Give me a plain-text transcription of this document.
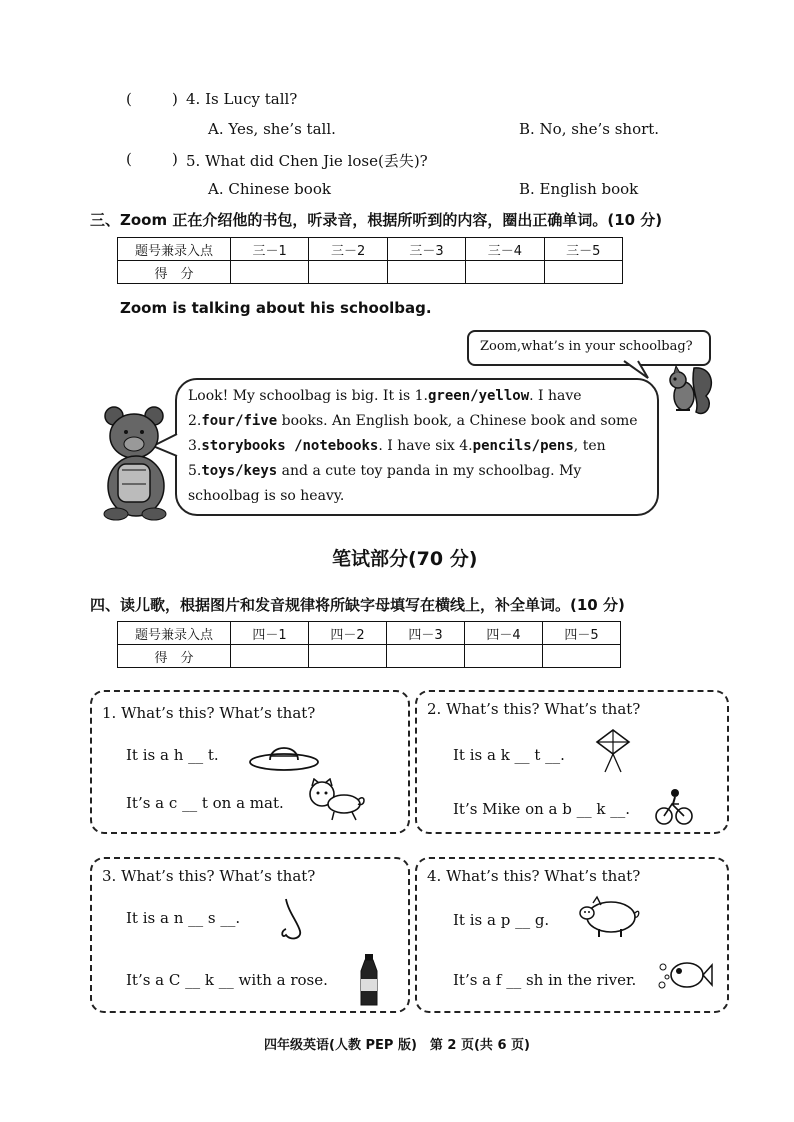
(	) 4. Is Lucy tall?
A. Yes, she’s tall.	B. No, she’s short.
(	) 5. What did Chen Jie lose(丢失)?
A. Chinese book	B. English book
三、Zoom 正在介绍他的书包，听录音，根据所听到的内容，圈出正确单词。(10 分)
题号兼录入点	三－1	三－2	三－3	三－4	三－5
得　分					
Zoom is talking about his schoolbag.
Zoom,what’s in your schoolbag?
Look! My schoolbag is big. It is 1.green/yellow. I have 2.four/five books. An English book, a Chinese book and some 3.storybooks /notebooks. I have six 4.pencils/pens, ten 5.toys/keys and a cute toy panda in my schoolbag. My schoolbag is so heavy.
笔试部分(70 分)
四、读儿歌，根据图片和发音规律将所缺字母填写在横线上，补全单词。(10 分)
题号兼录入点	四－1	四－2	四－3	四－4	四－5
得　分					
1. What’s this? What’s that?
It is a h __ t.
It’s a c __ t on a mat.
2. What’s this? What’s that?
It is a k __ t __.
It’s Mike on a b __ k __.
3. What’s this? What’s that?
It is a n __ s __.
It’s a C __ k __ with a rose.
4. What’s this? What’s that?
It is a p __ g.
It’s a f __ sh in the river.
四年级英语(人教 PEP 版)　第 2 页(共 6 页)
